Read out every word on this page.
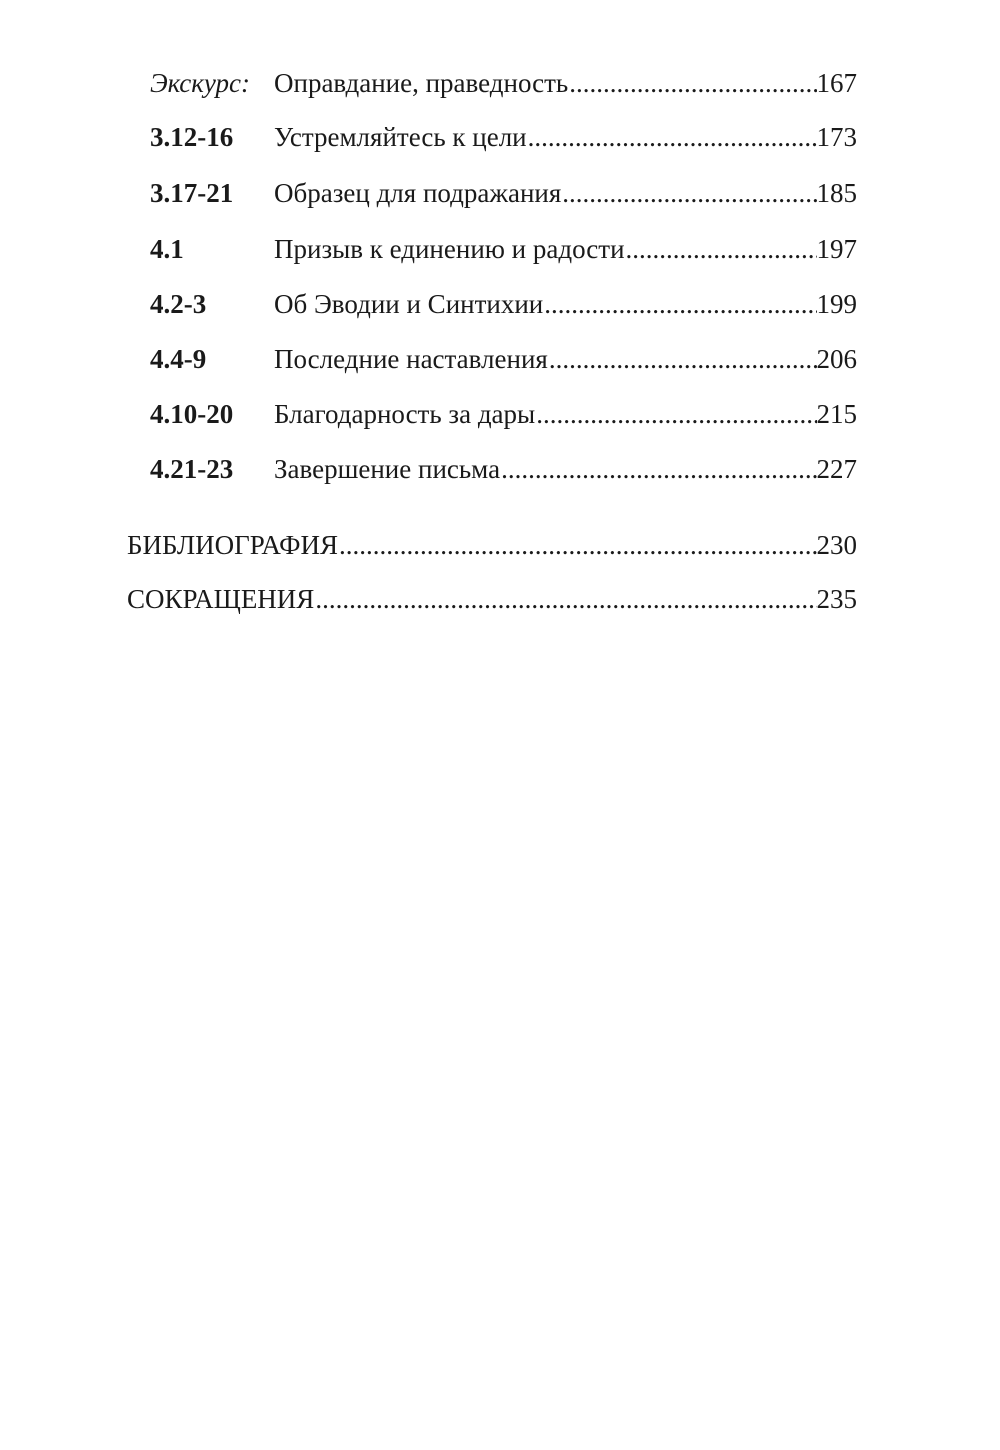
Экскурс: Оправдание, праведность .....	167
3.12-16	Устремляйтесь к цели .....	173
3.17-21	Образец для подражания .....	185
4.1	Призыв к единению и радости .....	197
4.2-3	Об Эводии и Синтихии .....	199
4.4-9	Последние наставления .....	206
4.10-20	Благодарность за дары .....	215
4.21-23	Завершение письма .....	227
БИБЛИОГРАФИЯ .....	230
СОКРАЩЕНИЯ .....	235
